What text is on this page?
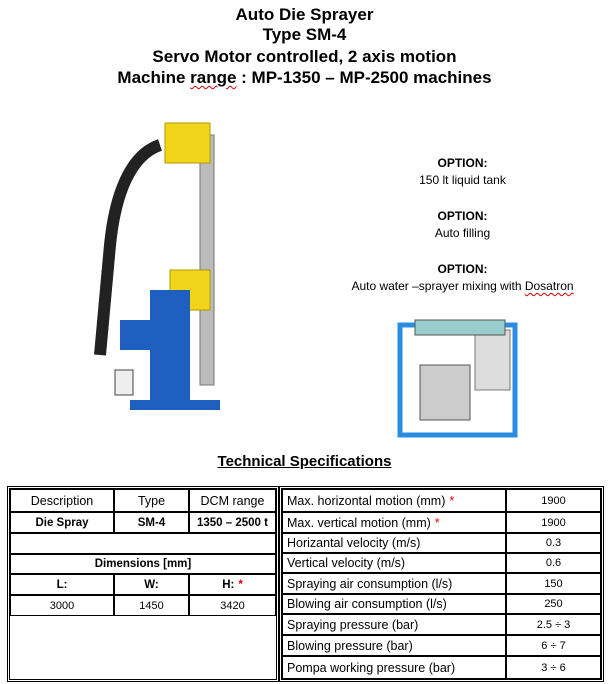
Auto Die Sprayer
Type SM-4
Servo Motor controlled, 2 axis motion
Machine range : MP-1350 – MP-2500 machines
OPTION:
150 lt liquid tank
OPTION:
Auto filling
OPTION:
Auto water –sprayer mixing with Dosatron
Technical Specifications
Description	Type	DCM range
Die Spray	SM-4	1350 – 2500 t
Dimensions [mm]
L:	W:	H: *
3000	1450	3420
Max. horizontal motion (mm) *	1900
Max. vertical motion (mm) *	1900
Horizantal velocity (m/s)	0.3
Vertical velocity (m/s)	0.6
Spraying air consumption (l/s)	150
Blowing air consumption (l/s)	250
Spraying pressure (bar)	2.5 ÷ 3
Blowing pressure (bar)	6 ÷ 7
Pompa working pressure (bar)	3 ÷ 6
